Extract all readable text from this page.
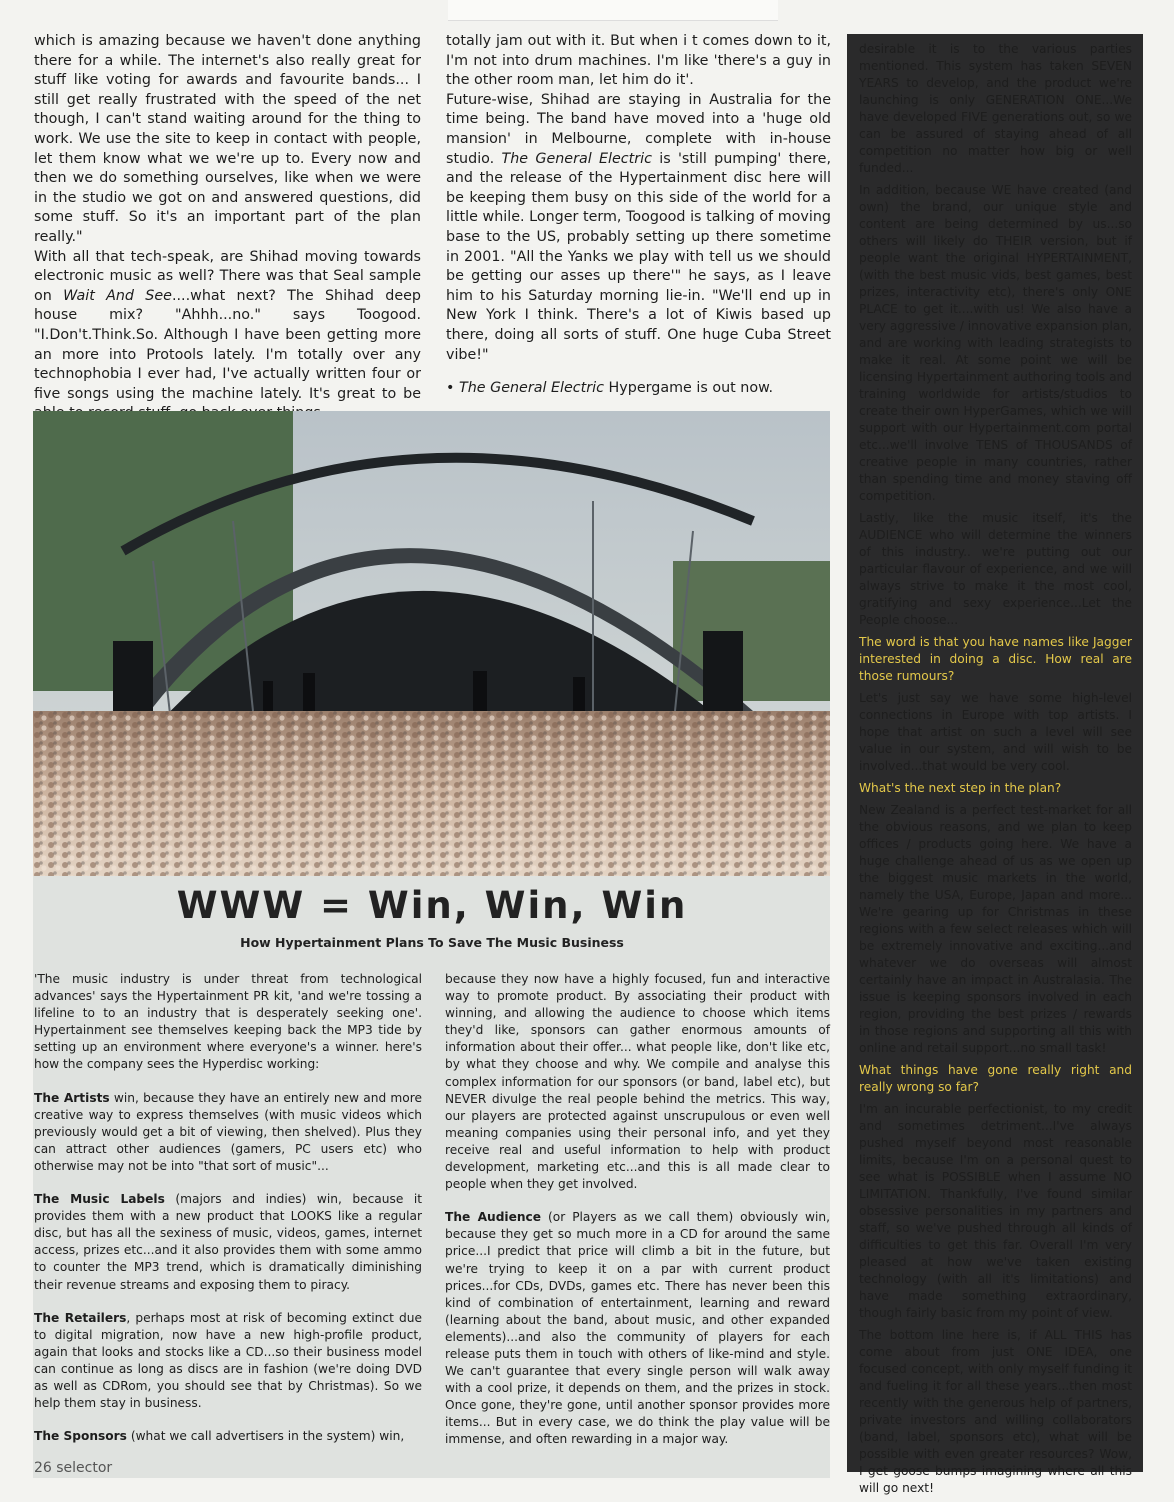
which is amazing because we haven't done anything there for a while. The internet's also really great for stuff like voting for awards and favourite bands... I still get really frustrated with the speed of the net though, I can't stand waiting around for the thing to work. We use the site to keep in contact with people, let them know what we we're up to. Every now and then we do something ourselves, like when we were in the studio we got on and answered questions, did some stuff. So it's an important part of the plan really."

With all that tech-speak, are Shihad moving towards electronic music as well? There was that Seal sample on Wait And See....what next? The Shihad deep house mix? "Ahhh...no." says Toogood. "I.Don't.Think.So. Although I have been getting more an more into Protools lately. I'm totally over any technophobia I ever had, I've actually written four or five songs using the machine lately. It's great to be

totally jam out with it. But when i t comes down to it, I'm not into drum machines. I'm like 'there's a guy in the other room man, let him do it'.

Future-wise, Shihad are staying in Australia for the time being. The band have moved into a 'huge old mansion' in Melbourne, complete with in-house studio. The General Electric is 'still pumping' there, and the release of the Hypertainment disc here will be keeping them busy on this side of the world for a little while. Longer term, Toogood is talking of moving base to the US, probably setting up there sometime in 2001. "All the Yanks we play with tell us we should be getting our asses up there'" he says, as I leave him to his Saturday morning lie-in. "We'll end up in New York I think. There's a lot of Kiwis based up there, doing all sorts of stuff. One huge Cuba Street vibe!"

• The General Electric Hypergame is out now.

WWW = Win, Win, Win
How Hypertainment Plans To Save The Music Business

'The music industry is under threat from technological advances' says the Hypertainment PR kit, 'and we're tossing a lifeline to to an industry that is desperately seeking one'. Hypertainment see themselves keeping back the MP3 tide by setting up an environment where everyone's a winner. here's how the company sees the Hyperdisc working:

The Artists win, because they have an entirely new and more creative way to express themselves (with music videos which previously would get a bit of viewing, then shelved). Plus they can attract other audiences (gamers, PC users etc) who otherwise may not be into "that sort of music"...

The Music Labels (majors and indies) win, because it provides them with a new product that LOOKS like a regular disc, but has all the sexiness of music, videos, games, internet access, prizes etc...and it also provides them with some ammo to counter the MP3 trend, which is dramatically diminishing their revenue streams and exposing them to piracy.

The Retailers, perhaps most at risk of becoming extinct due to digital migration, now have a new high-profile product, again that looks and stocks like a CD...so their business model can continue as long as discs are in fashion (we're doing DVD as well as CDRom, you should see that by Christmas). So we help them stay in business.

The Sponsors (what we call advertisers in the system) win,

because they now have a highly focused, fun and interactive way to promote product. By associating their product with winning, and allowing the audience to choose which items they'd like, sponsors can gather enormous amounts of information about their offer... what people like, don't like etc, by what they choose and why. We compile and analyse this complex information for our sponsors (or band, label etc), but NEVER divulge the real people behind the metrics. This way, our players are protected against unscrupulous or even well meaning companies using their personal info, and yet they receive real and useful information to help with product development, marketing etc...and this is all made clear to people when they get involved.

The Audience (or Players as we call them) obviously win, because they get so much more in a CD for around the same price...I predict that price will climb a bit in the future, but we're trying to keep it on a par with current product prices...for CDs, DVDs, games etc. There has never been this kind of combination of entertainment, learning and reward (learning about the band, about music, and other expanded elements)...and also the community of players for each release puts them in touch with others of like-mind and style. We can't guarantee that every single person will walk away with a cool prize, it depends on them, and the prizes in stock. Once gone, they're gone, until another sponsor provides more items... But in every case, we do think the play value will be immense, and often rewarding in a major way.

desirable it is to the various parties mentioned. This system has taken SEVEN YEARS to develop, and the product we're launching is only GENERATION ONE...We have developed FIVE generations out, so we can be assured of staying ahead of all competition no matter how big or well funded...

In addition, because WE have created (and own) the brand, our unique style and content are being determined by us...so others will likely do THEIR version, but if people want the original HYPERTAINMENT, (with the best music vids, best games, best prizes, interactivity etc), there's only ONE PLACE to get it....with us! We also have a very aggressive / innovative expansion plan, and are working with leading strategists to make it real. At some point we will be licensing Hypertainment authoring tools and training worldwide for artists/studios to create their own HyperGames, which we will support with our Hypertainment.com portal etc...we'll involve TENS of THOUSANDS of creative people in many countries, rather than spending time and money staving off competition.

Lastly, like the music itself, it's the AUDIENCE who will determine the winners of this industry.. we're putting out our particular flavour of experience, and we will always strive to make it the most cool, gratifying and sexy experience...Let the People choose...

The word is that you have names like Jagger interested in doing a disc. How real are those rumours?

Let's just say we have some high-level connections in Europe with top artists. I hope that artist on such a level will see value in our system, and will wish to be involved...that would be very cool.

What's the next step in the plan?

New Zealand is a perfect test-market for all the obvious reasons, and we plan to keep offices / products going here. We have a huge challenge ahead of us as we open up the biggest music markets in the world, namely the USA, Europe, Japan and more... We're gearing up for Christmas in these regions with a few select releases which will be extremely innovative and exciting...and whatever we do overseas will almost certainly have an impact in Australasia. The issue is keeping sponsors involved in each region, providing the best prizes / rewards in those regions and supporting all this with online and retail support...no small task!

What things have gone really right and really wrong so far?

I'm an incurable perfectionist, to my credit and sometimes detriment...I've always pushed myself beyond most reasonable limits, because I'm on a personal quest to see what is POSSIBLE when I assume NO LIMITATION. Thankfully, I've found similar obsessive personalities in my partners and staff, so we've pushed through all kinds of difficulties to get this far. Overall I'm very pleased at how we've taken existing technology (with all it's limitations) and have made something extraordinary, though fairly basic from my point of view.

The bottom line here is, if ALL THIS has come about from just ONE IDEA, one focused concept, with only myself funding it and fueling it for all these years...then most recently with the generous help of partners, private investors and willing collaborators (band, label, sponsors etc), what will be possible with even greater resources? Wow, I get goose bumps imagining where all this will go next!

26 selector
